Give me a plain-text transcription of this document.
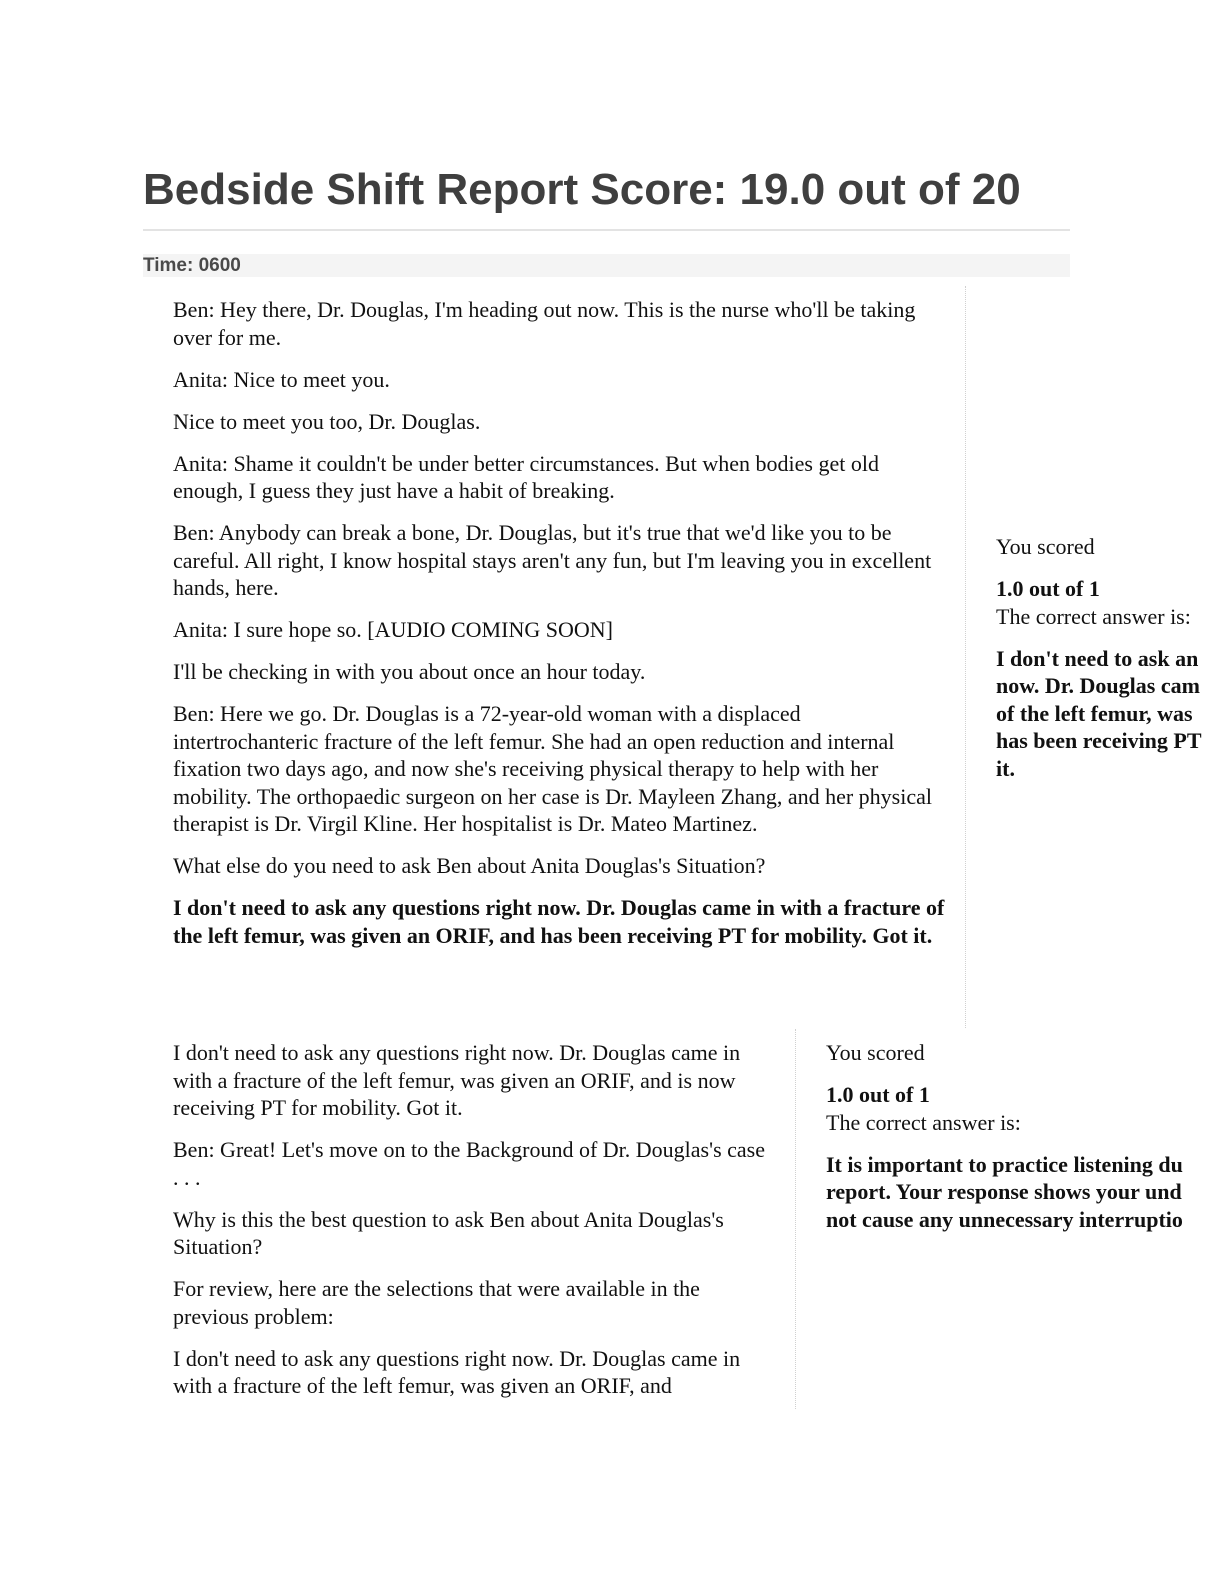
Bedside Shift Report Score: 19.0 out of 20
Time: 0600

Ben: Hey there, Dr. Douglas, I'm heading out now. This is the nurse who'll be taking over for me.

Anita: Nice to meet you.

Nice to meet you too, Dr. Douglas.

Anita: Shame it couldn't be under better circumstances. But when bodies get old enough, I guess they just have a habit of breaking.

Ben: Anybody can break a bone, Dr. Douglas, but it's true that we'd like you to be careful. All right, I know hospital stays aren't any fun, but I'm leaving you in excellent hands, here.

Anita: I sure hope so. [AUDIO COMING SOON]

I'll be checking in with you about once an hour today.

Ben: Here we go. Dr. Douglas is a 72-year-old woman with a displaced intertrochanteric fracture of the left femur. She had an open reduction and internal fixation two days ago, and now she's receiving physical therapy to help with her mobility. The orthopaedic surgeon on her case is Dr. Mayleen Zhang, and her physical therapist is Dr. Virgil Kline. Her hospitalist is Dr. Mateo Martinez.

What else do you need to ask Ben about Anita Douglas's Situation?

I don't need to ask any questions right now. Dr. Douglas came in with a fracture of the left femur, was given an ORIF, and has been receiving PT for mobility. Got it.

You scored

1.0 out of 1

The correct answer is:

I don't need to ask an

now. Dr. Douglas cam

of the left femur, was

has been receiving PT

it.

I don't need to ask any questions right now. Dr. Douglas came in with a fracture of the left femur, was given an ORIF, and is now receiving PT for mobility. Got it.

Ben: Great! Let's move on to the Background of Dr. Douglas's case . . .

Why is this the best question to ask Ben about Anita Douglas's Situation?

For review, here are the selections that were available in the previous problem:

I don't need to ask any questions right now. Dr. Douglas came in with a fracture of the left femur, was given an ORIF, and

You scored

1.0 out of 1

The correct answer is:

It is important to practice listening du

report. Your response shows your und

not cause any unnecessary interruptio
